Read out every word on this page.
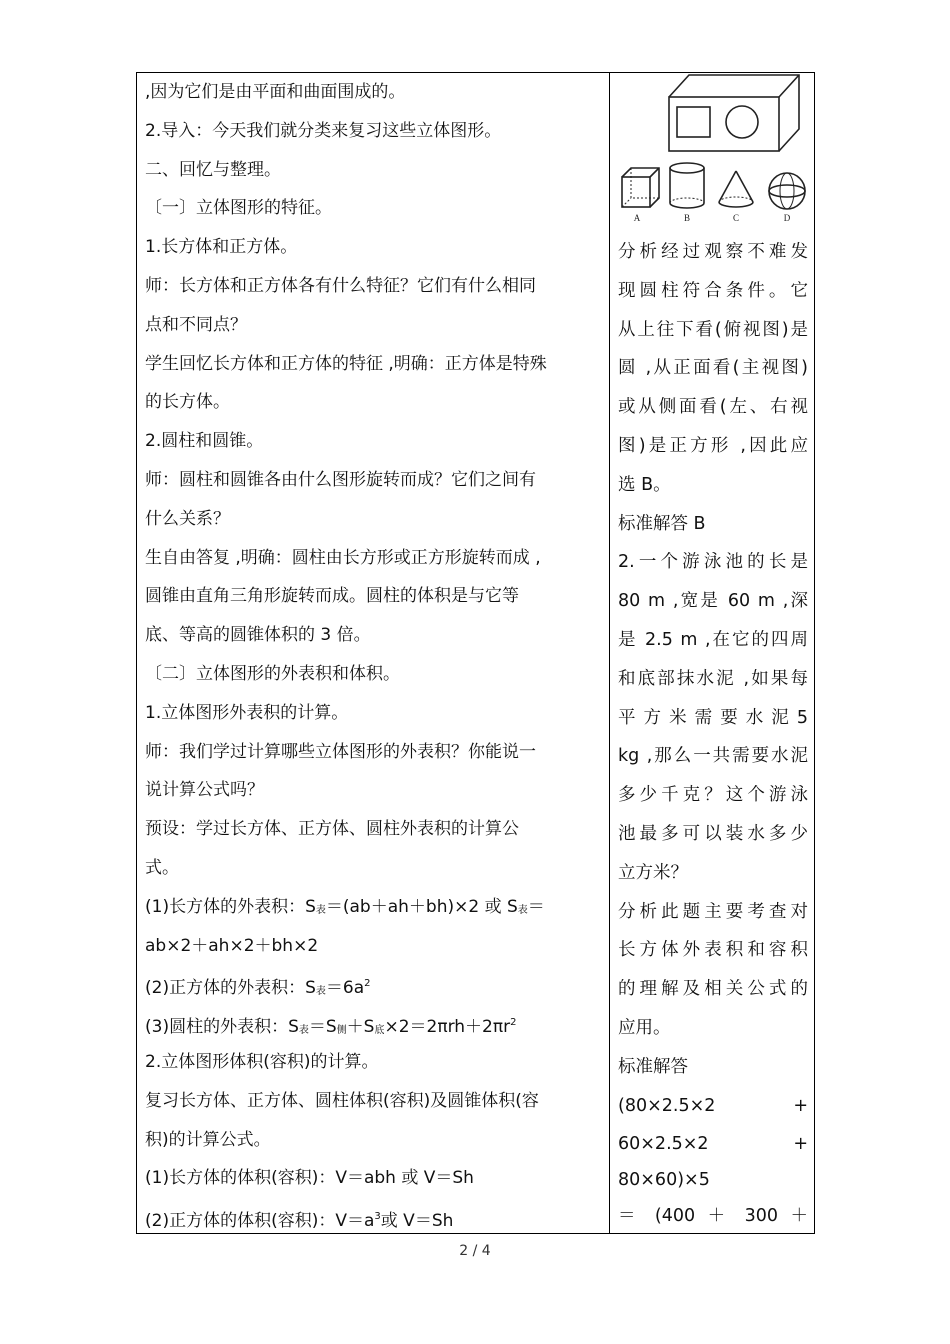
,因为它们是由平面和曲面围成的。
2.导入：今天我们就分类来复习这些立体图形。
二、回忆与整理。
〔一〕立体图形的特征。
1.长方体和正方体。
师：长方体和正方体各有什么特征？它们有什么相同
点和不同点？
学生回忆长方体和正方体的特征 ,明确：正方体是特殊
的长方体。
2.圆柱和圆锥。
师：圆柱和圆锥各由什么图形旋转而成？它们之间有
什么关系？
生自由答复 ,明确：圆柱由长方形或正方形旋转而成 ,
圆锥由直角三角形旋转而成。圆柱的体积是与它等
底、等高的圆锥体积的 3 倍。
〔二〕立体图形的外表积和体积。
1.立体图形外表积的计算。
师：我们学过计算哪些立体图形的外表积？你能说一
说计算公式吗？
预设：学过长方体、正方体、圆柱外表积的计算公
式。
(1)长方体的外表积：$S_表=(ab+ah+bh)\times 2$ 或 $S_表=$
ab×2＋ah×2＋bh×2
(2)正方体的外表积：$S_表=6a^2$
(3)圆柱的外表积：$S_表=S_侧+S_底\times 2=2\pi rh+2\pi r^2$
2.立体图形体积(容积)的计算。
复习长方体、正方体、圆柱体积(容积)及圆锥体积(容
积)的计算公式。
(1)长方体的体积(容积)：V＝abh 或 V＝Sh
(2)正方体的体积(容积)：$V=a^3$或 V＝Sh
A	B	C	D
分析经过观察不难发
现圆柱符合条件。它
从上往下看(俯视图)是
圆 ,从正面看(主视图)
或从侧面看(左、右视
图)是正方形 ,因此应
选 B。
标准解答 B
2.一个游泳池的长是
80 m ,宽是 60 m ,深
是 2.5 m ,在它的四周
和底部抹水泥 ,如果每
平 方 米 需 要 水 泥 5
kg ,那么一共需要水泥
多少千克？这个游泳
池最多可以装水多少
立方米？
分析此题主要考查对
长方体外表积和容积
的理解及相关公式的
应用。
标准解答
(80×2.5×2 +
60×2.5×2 +
80×60)×5
＝ (400 ＋ 300 ＋
2 / 4
